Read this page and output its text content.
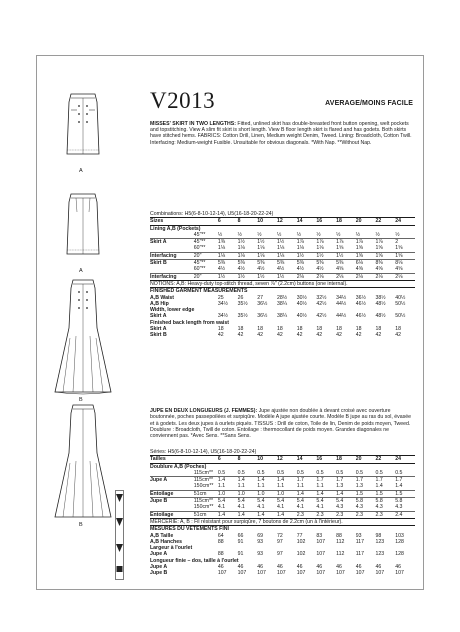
A
A
B
B
V2013	AVERAGE/MOINS FACILE
MISSES' SKIRT IN TWO LENGTHS: Fitted, unlined skirt has double-breasted front button opening, welt pockets and topstitching. View A slim fit skirt is short length. View B floor length skirt is flared and has godets. Both skirts have stitched hems. FABRICS: Cotton Drill, Linen, Medium weight Denim, Tweed. Lining: Broadcloth, Cotton Twill. Interfacing: Medium-weight Fusible. Unsuitable for obvious diagonals. *With Nap. **Without Nap.
Combinations: H5(6-8-10-12-14), U5(16-18-20-22-24)
Sizes		6	8	10	12	14	16	18	20	22	24
Lining A,B (Pockets)											
	45"**	½	½	½	½	½	½	½	½	½	½
Skirt A	45"**	1⅜	1½	1½	1½	1⅞	1⅞	1⅞	1⅞	1⅞	2
	60"**	1⅛	1⅛	1⅛	1⅛	1⅛	1⅛	1⅝	1⅝	1⅝	1⅝
Interfacing	20"	1⅛	1⅛	1⅛	1⅛	1½	1½	1½	1⅝	1⅝	1⅝
Skirt B	45"**	5⅜	5⅜	5⅜	5⅜	5⅜	5⅜	5⅜	6⅛	8⅜	8⅛
	60"**	4½	4½	4½	4½	4½	4½	4⅝	4⅝	4⅝	4⅝
Interfacing	20"	1½	1½	1½	1½	2⅛	2⅛	2⅛	2⅛	2⅛	2⅛
NOTIONS: A,B: Heavy-duty top-stitch thread, seven ⅞" (2.2cm) buttons (one internal).											
FINISHED GARMENT MEASUREMENTS											
A,B Waist		25	26	27	28½	30½	32½	34½	36½	38½	40½
A,B Hip		34½	35½	36½	38¼	40½	42½	44½	46½	48½	50½
Width, lower edge											
Skirt A		34½	35½	36½	38¼	40½	42½	44½	46½	48½	50½
Finished back length from waist											
Skirt A		18	18	18	18	18	18	18	18	18	18
Skirt B		42	42	42	42	42	42	42	42	42	42
JUPE EN DEUX LONGUEURS (J. FEMMES): Jupe ajustée non doublée à devant croisé avec ouverture boutonnée, poches passepoilées et surpiqûre. Modèle A jupe ajustée courte. Modèle B jupe au ras du sol, évasée et à godets. Les deux jupes à ourlets piqués. TISSUS : Drill de coton, Toile de lin, Denim de poids moyen, Tweed. Doublure : Broadcloth, Twill de coton. Entoilage : thermocollant de poids moyen. Grandes diagonales ne conviennent pas. *Avec Sens. **Sans Sens.
Séries: H5(6-8-10-12-14), U5(16-18-20-22-24)
Tailles		6	8	10	12	14	16	18	20	22	24
Doublure A,B (Poches)											
	115cm**	0.5	0.5	0.5	0.5	0.5	0.5	0.5	0.5	0.5	0.5
Jupe A	115cm**	1.4	1.4	1.4	1.4	1.7	1.7	1.7	1.7	1.7	1.7
	150cm**	1.1	1.1	1.1	1.1	1.1	1.1	1.3	1.3	1.4	1.4
Entoilage	51cm	1.0	1.0	1.0	1.0	1.4	1.4	1.4	1.5	1.5	1.5
Jupe B	115cm**	5.4	5.4	5.4	5.4	5.4	5.4	5.4	5.8	5.8	5.8
	150cm**	4.1	4.1	4.1	4.1	4.1	4.1	4.3	4.3	4.3	4.3
Entoilage	51cm	1.4	1.4	1.4	1.4	2.3	2.3	2.3	2.3	2.3	2.4
MERCERIE: A, B : Fil résistant pour surpiqûre, 7 boutons de 2.2cm (un à l'intérieur).											
MESURES DU VÊTEMENTS FINI											
A,B Taille		64	66	69	72	77	83	88	93	98	103
A,B Hanches		88	91	93	97	102	107	112	117	123	128
Largeur à l'ourlet											
Jupe A		88	91	93	97	102	107	112	117	123	128
Longueur finie – dos, taille à l'ourlet											
Jupe A		46	46	46	46	46	46	46	46	46	46
Jupe B		107	107	107	107	107	107	107	107	107	107
